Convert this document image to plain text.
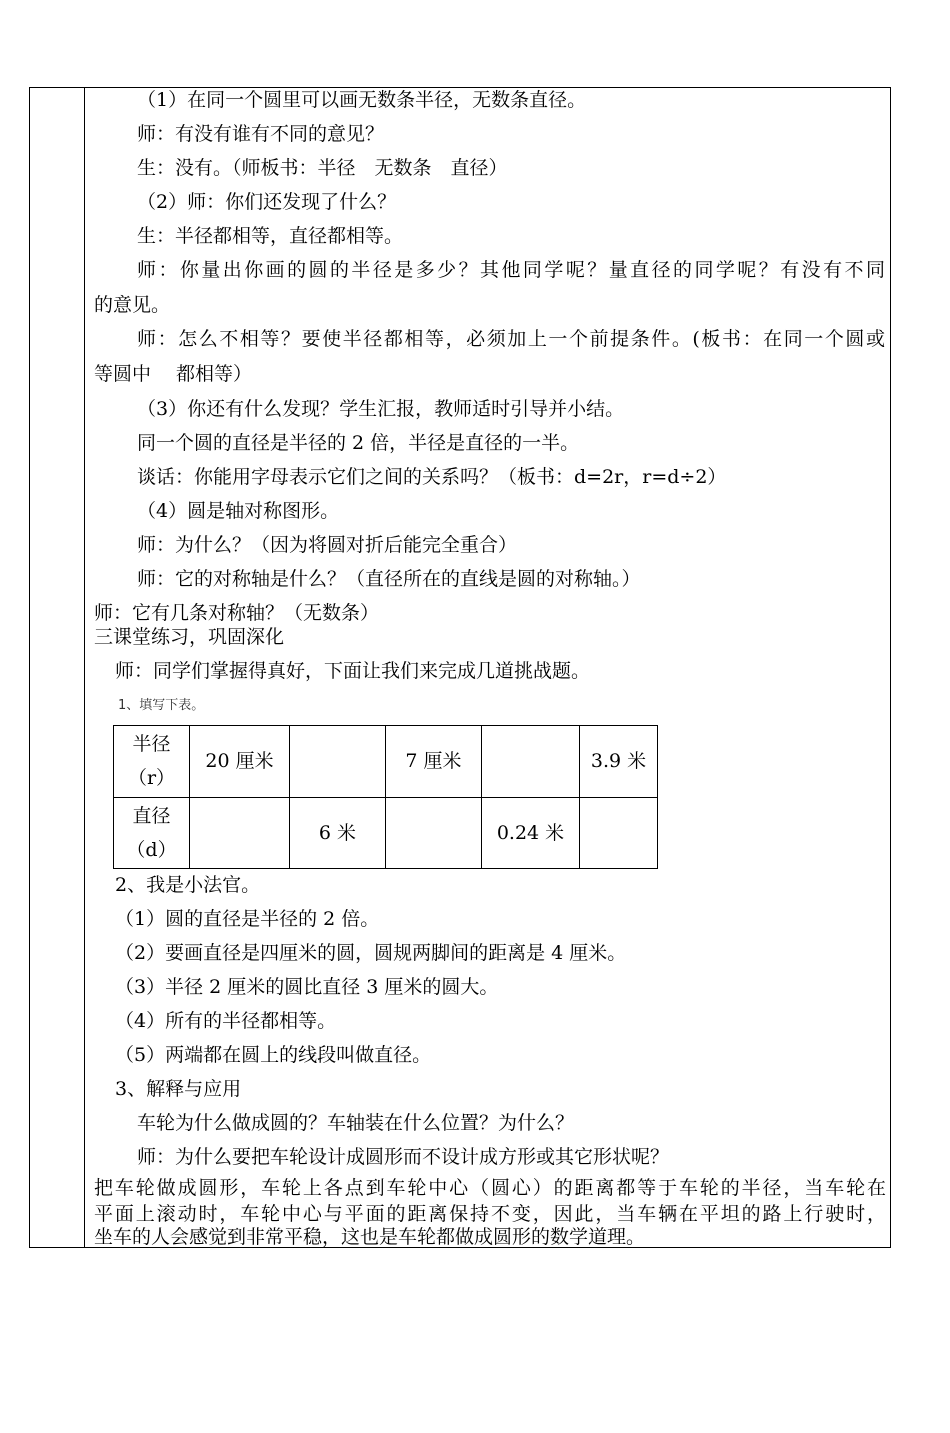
（1）在同一个圆里可以画无数条半径，无数条直径。
师：有没有谁有不同的意见？
生：没有。（师板书：半径　无数条　直径）
（2）师：你们还发现了什么？
生：半径都相等，直径都相等。
师：你量出你画的圆的半径是多少？其他同学呢？量直径的同学呢？有没有不同
的意见。
师：怎么不相等？要使半径都相等，必须加上一个前提条件。(板书：在同一个圆或
等圆中　 都相等）
（3）你还有什么发现？学生汇报，教师适时引导并小结。
同一个圆的直径是半径的 2 倍，半径是直径的一半。
谈话：你能用字母表示它们之间的关系吗？（板书：d=2r，r=d÷2）
（4）圆是轴对称图形。
师：为什么？（因为将圆对折后能完全重合）
师：它的对称轴是什么？（直径所在的直线是圆的对称轴。）
师：它有几条对称轴？（无数条）
三课堂练习，巩固深化
师：同学们掌握得真好，下面让我们来完成几道挑战题。
1、填写下表。
半径
（r）	20 厘米		7 厘米		3.9 米
直径
（d）		6 米		0.24 米	
2、我是小法官。
（1）圆的直径是半径的 2 倍。
（2）要画直径是四厘米的圆，圆规两脚间的距离是 4 厘米。
（3）半径 2 厘米的圆比直径 3 厘米的圆大。
（4）所有的半径都相等。
（5）两端都在圆上的线段叫做直径。
3、解释与应用
车轮为什么做成圆的？车轴装在什么位置？为什么？
师：为什么要把车轮设计成圆形而不设计成方形或其它形状呢？
把车轮做成圆形，车轮上各点到车轮中心（圆心）的距离都等于车轮的半径，当车轮在
平面上滚动时，车轮中心与平面的距离保持不变，因此，当车辆在平坦的路上行驶时，
坐车的人会感觉到非常平稳，这也是车轮都做成圆形的数学道理。
